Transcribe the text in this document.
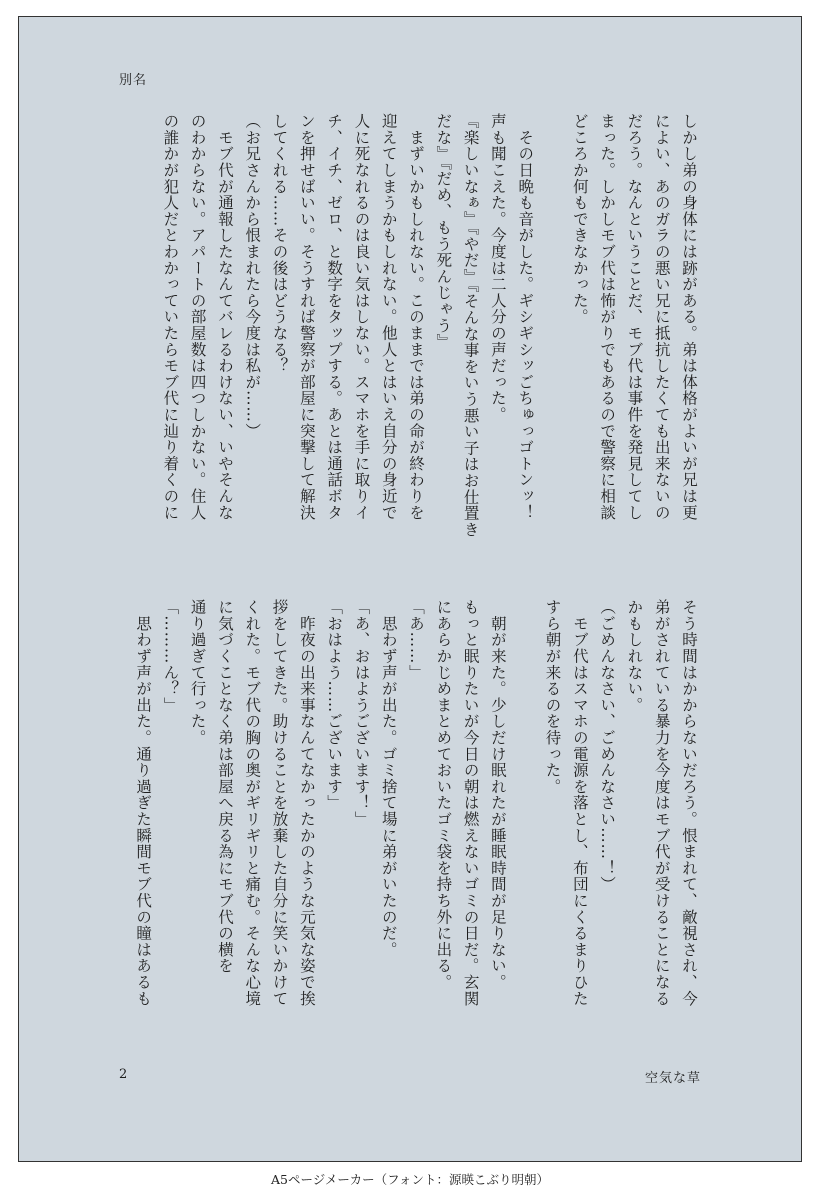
別名

しかし弟の身体には跡がある。弟は体格がよいが兄は更

によい、あのガラの悪い兄に抵抗したくても出来ないの

だろう。なんということだ、モブ代は事件を発見してし

まった。しかしモブ代は怖がりでもあるので警察に相談

どころか何もできなかった。

　その日晩も音がした。ギシギシッごちゅっゴトンッ！

声も聞こえた。今度は二人分の声だった。

『楽しいなぁ』『やだ』『そんな事をいう悪い子はお仕置き

だな』『だめ、もう死んじゃう』

　まずいかもしれない。このままでは弟の命が終わりを

迎えてしまうかもしれない。他人とはいえ自分の身近で

人に死なれるのは良い気はしない。スマホを手に取りイ

チ、イチ、ゼロ、と数字をタップする。あとは通話ボタ

ンを押せばいい。そうすれば警察が部屋に突撃して解決

してくれる……その後はどうなる？

（お兄さんから恨まれたら今度は私が……）

　モブ代が通報したなんてバレるわけない、いやそんな

のわからない。アパートの部屋数は四つしかない。住人

の誰かが犯人だとわかっていたらモブ代に辿り着くのに

そう時間はかからないだろう。恨まれて、敵視され、今

弟がされている暴力を今度はモブ代が受けることになる

かもしれない。

（ごめんなさい、ごめんなさい……！）

　モブ代はスマホの電源を落とし、布団にくるまりひた

すら朝が来るのを待った。

　朝が来た。少しだけ眠れたが睡眠時間が足りない。

もっと眠りたいが今日の朝は燃えないゴミの日だ。玄関

にあらかじめまとめておいたゴミ袋を持ち外に出る。

「あ……」

　思わず声が出た。ゴミ捨て場に弟がいたのだ。

「あ、おはようございます！」

「おはよう……ございます」

　昨夜の出来事なんてなかったかのような元気な姿で挨

拶をしてきた。助けることを放棄した自分に笑いかけて

くれた。モブ代の胸の奥がギリギリと痛む。そんな心境

に気づくことなく弟は部屋へ戻る為にモブ代の横を

通り過ぎて行った。

「………ん？」

　思わず声が出た。通り過ぎた瞬間モブ代の瞳はあるも

2	空気な草
A5ページメーカー（フォント：源暎こぶり明朝）
